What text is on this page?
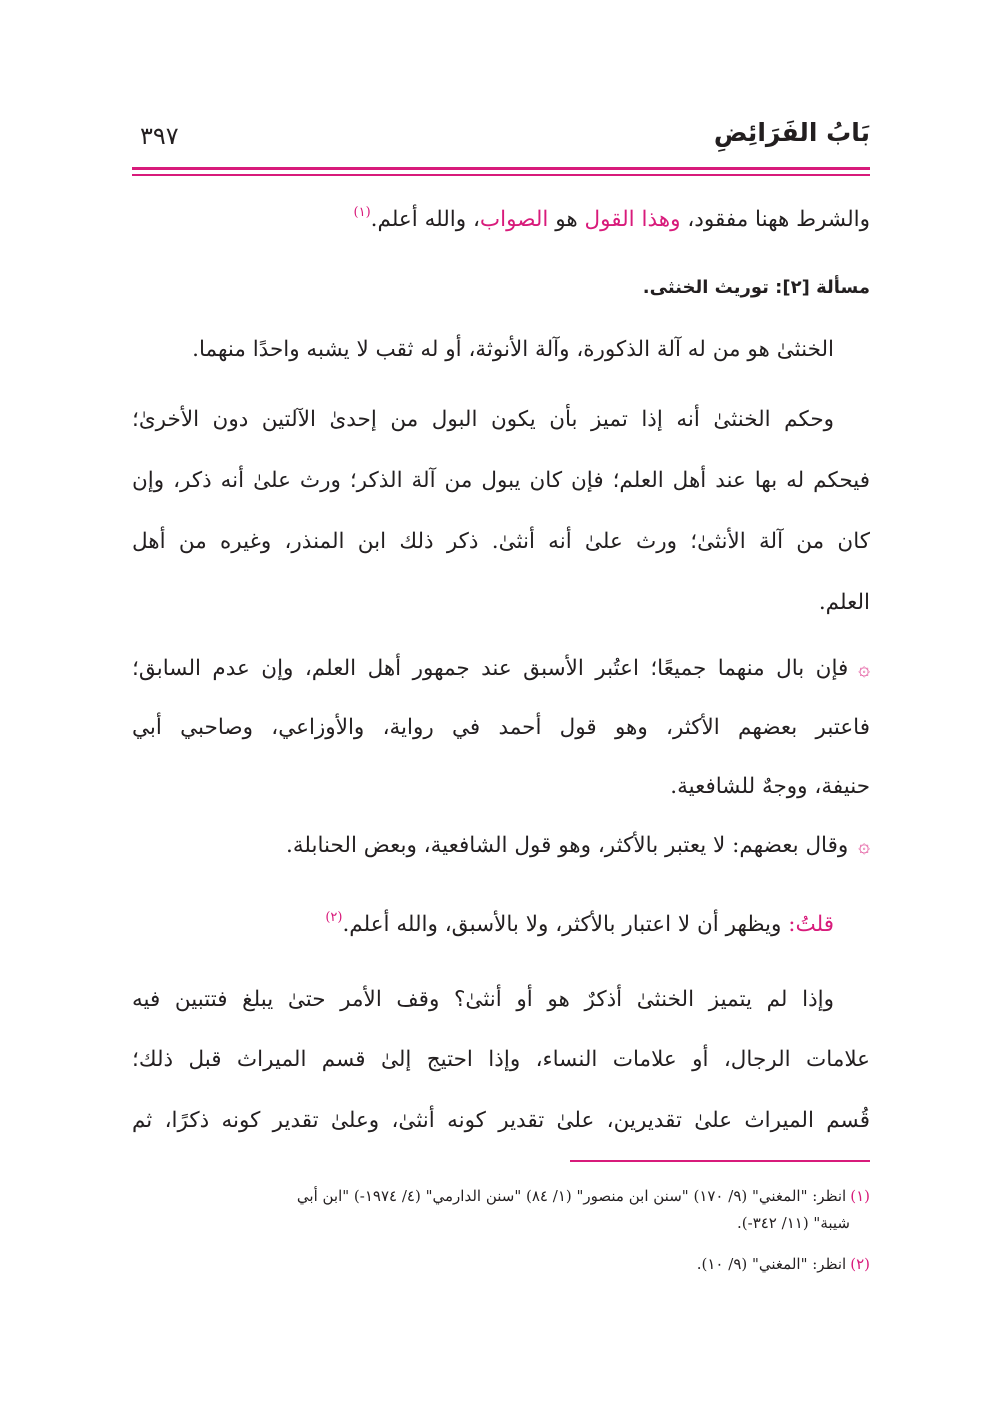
بَابُ الفَرَائِضِ
٣٩٧
والشرط ههنا مفقود، وهذا القول هو الصواب، والله أعلم.$^{(١)}$
مسألة [٢]: توريث الخنثى.
الخنثىٰ هو من له آلة الذكورة، وآلة الأنوثة، أو له ثقب لا يشبه واحدًا منهما.
وحكم الخنثىٰ أنه إذا تميز بأن يكون البول من إحدىٰ الآلتين دون الأخرىٰ؛
فيحكم له بها عند أهل العلم؛ فإن كان يبول من آلة الذكر؛ ورث علىٰ أنه ذكر، وإن
كان من آلة الأنثىٰ؛ ورث علىٰ أنه أنثىٰ. ذكر ذلك ابن المنذر، وغيره من أهل
العلم.
۞فإن بال منهما جميعًا؛ اعتُبر الأسبق عند جمهور أهل العلم، وإن عدم السابق؛
فاعتبر بعضهم الأكثر، وهو قول أحمد في رواية، والأوزاعي، وصاحبي أبي
حنيفة، ووجهٌ للشافعية.
۞وقال بعضهم: لا يعتبر بالأكثر، وهو قول الشافعية، وبعض الحنابلة.
قلتُ: ويظهر أن لا اعتبار بالأكثر، ولا بالأسبق، والله أعلم.$^{(٢)}$
وإذا لم يتميز الخنثىٰ أذكرٌ هو أو أنثىٰ؟ وقف الأمر حتىٰ يبلغ فتتبين فيه
علامات الرجال، أو علامات النساء، وإذا احتيج إلىٰ قسم الميراث قبل ذلك؛
قُسم الميراث علىٰ تقديرين، علىٰ تقدير كونه أنثىٰ، وعلىٰ تقدير كونه ذكرًا، ثم
(١)انظر: "المغني" (٩/ ١٧٠) "سنن ابن منصور" (١/ ٨٤) "سنن الدارمي" (٤/ ١٩٧٤-) "ابن أبي
شيبة" (١١/ ٣٤٢-).
(٢)انظر: "المغني" (٩/ ١٠).
